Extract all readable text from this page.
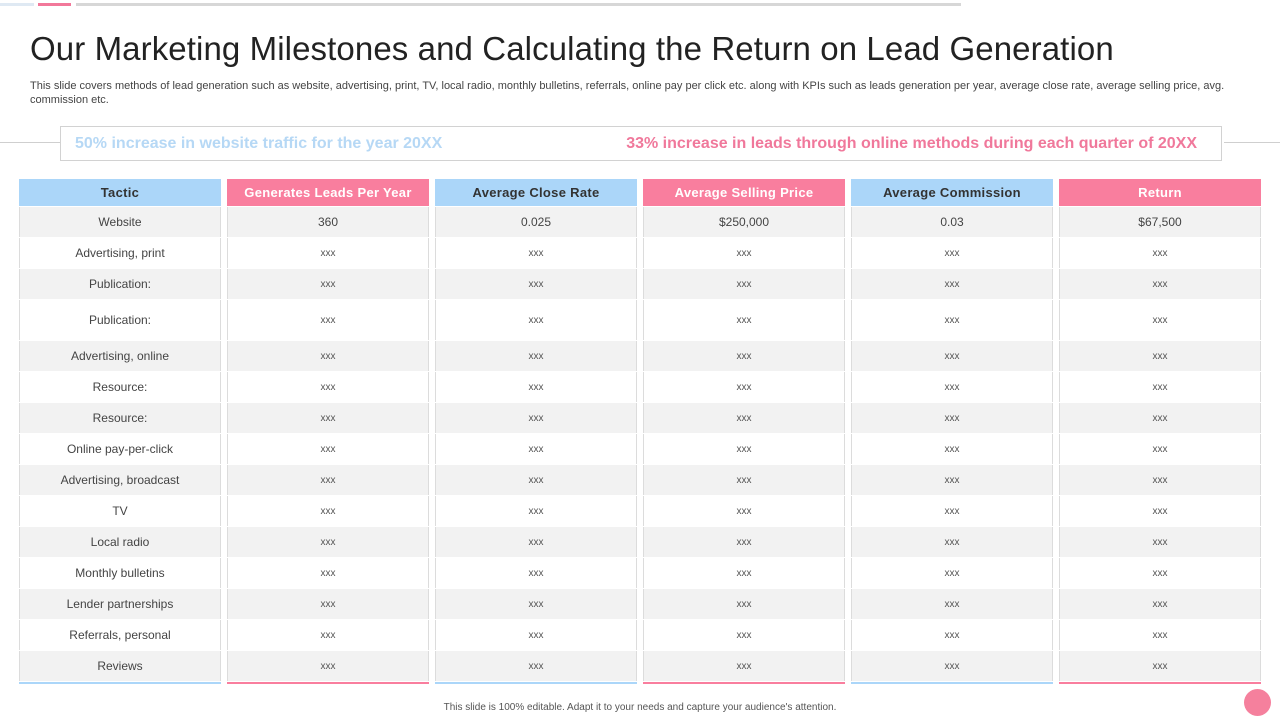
Our Marketing Milestones and Calculating the Return on Lead Generation

This slide covers methods of lead generation such as website, advertising, print, TV, local radio, monthly bulletins, referrals, online pay per click etc. along with KPIs such as leads generation per year, average close rate, average selling price, avg. commission etc.

50% increase in website traffic for the year 20XX	33% increase in leads through online methods during each quarter of 20XX
Tactic
Website
Advertising, print
Publication:
Publication:
Advertising, online
Resource:
Resource:
Online pay-per-click
Advertising, broadcast
TV
Local radio
Monthly bulletins
Lender partnerships
Referrals, personal
Reviews
Generates Leads Per Year
360
xxx
xxx
xxx
xxx
xxx
xxx
xxx
xxx
xxx
xxx
xxx
xxx
xxx
xxx
Average Close Rate
0.025
xxx
xxx
xxx
xxx
xxx
xxx
xxx
xxx
xxx
xxx
xxx
xxx
xxx
xxx
Average Selling Price
$250,000
xxx
xxx
xxx
xxx
xxx
xxx
xxx
xxx
xxx
xxx
xxx
xxx
xxx
xxx
Average Commission
0.03
xxx
xxx
xxx
xxx
xxx
xxx
xxx
xxx
xxx
xxx
xxx
xxx
xxx
xxx
Return
$67,500
xxx
xxx
xxx
xxx
xxx
xxx
xxx
xxx
xxx
xxx
xxx
xxx
xxx
xxx
This slide is 100% editable. Adapt it to your needs and capture your audience's attention.
